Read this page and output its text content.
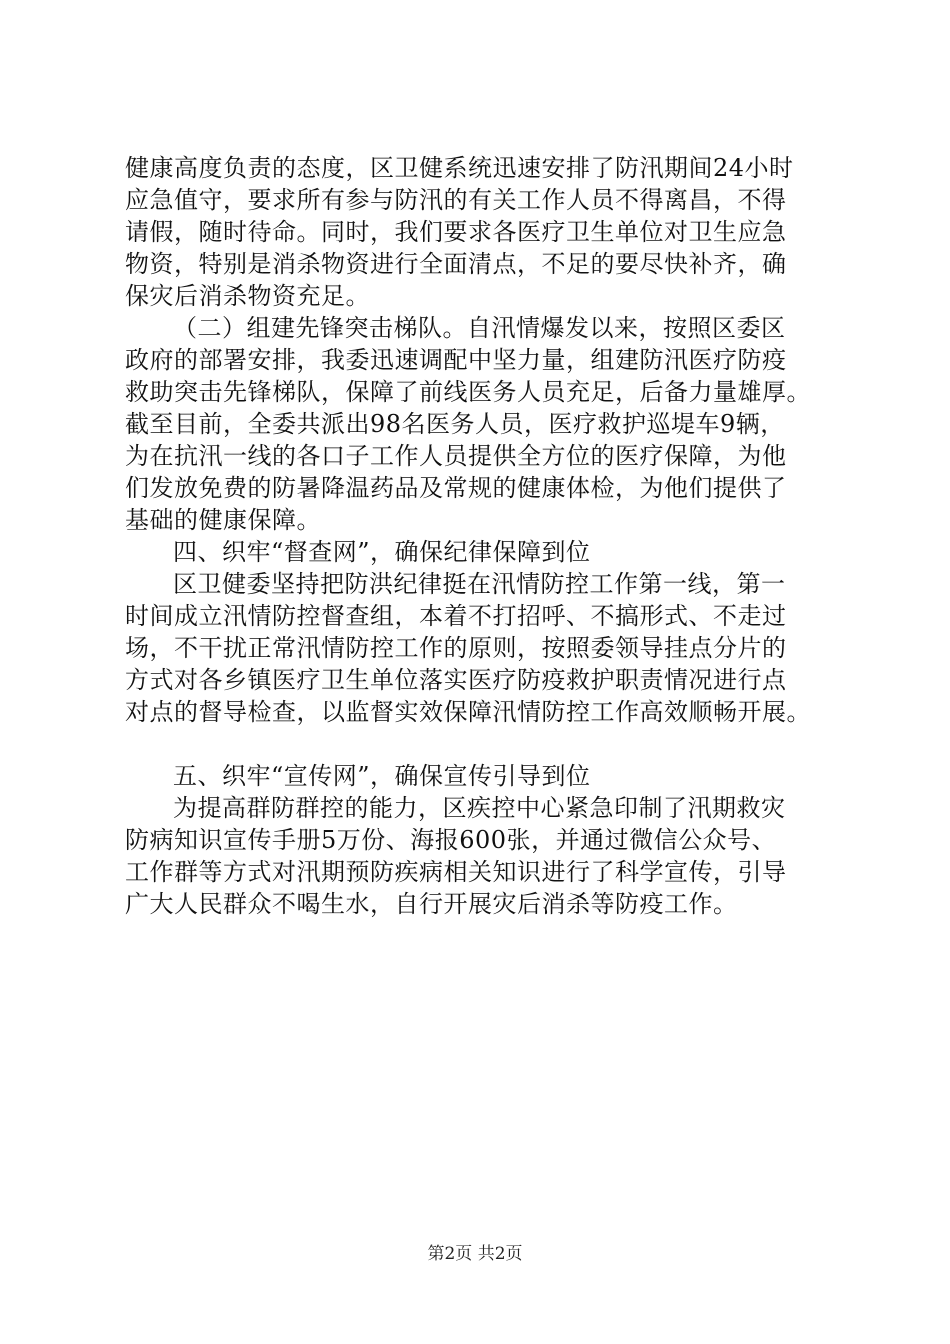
健康高度负责的态度，区卫健系统迅速安排了防汛期间24小时
应急值守，要求所有参与防汛的有关工作人员不得离昌，不得
请假，随时待命。同时，我们要求各医疗卫生单位对卫生应急
物资，特别是消杀物资进行全面清点，不足的要尽快补齐，确
保灾后消杀物资充足。
（二）组建先锋突击梯队。自汛情爆发以来，按照区委区
政府的部署安排，我委迅速调配中坚力量，组建防汛医疗防疫
救助突击先锋梯队，保障了前线医务人员充足，后备力量雄厚。
截至目前，全委共派出98名医务人员，医疗救护巡堤车9辆，
为在抗汛一线的各口子工作人员提供全方位的医疗保障，为他
们发放免费的防暑降温药品及常规的健康体检，为他们提供了
基础的健康保障。
四、织牢“督查网”，确保纪律保障到位
区卫健委坚持把防洪纪律挺在汛情防控工作第一线，第一
时间成立汛情防控督查组，本着不打招呼、不搞形式、不走过
场，不干扰正常汛情防控工作的原则，按照委领导挂点分片的
方式对各乡镇医疗卫生单位落实医疗防疫救护职责情况进行点
对点的督导检查，以监督实效保障汛情防控工作高效顺畅开展。
五、织牢“宣传网”，确保宣传引导到位
为提高群防群控的能力，区疾控中心紧急印制了汛期救灾
防病知识宣传手册5万份、海报600张，并通过微信公众号、
工作群等方式对汛期预防疾病相关知识进行了科学宣传，引导
广大人民群众不喝生水，自行开展灾后消杀等防疫工作。
第2页 共2页
